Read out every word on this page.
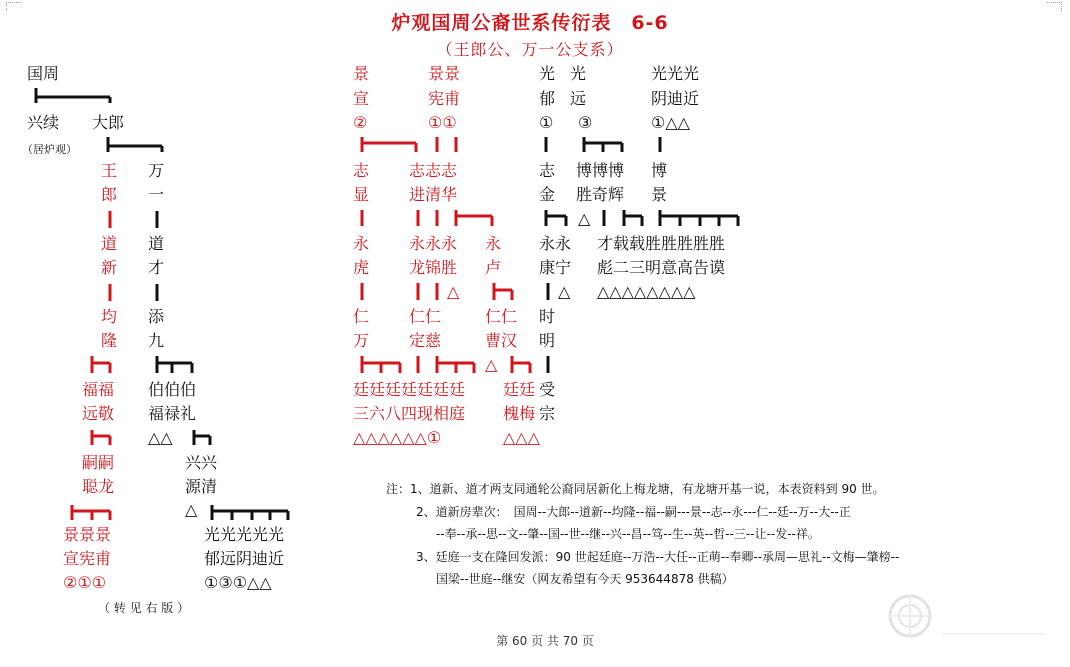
炉观国周公裔世系传衍表　6-6
（王郎公、万一公支系）
国周
兴续 大郎
（居炉观）
王
郎
万
一
道
新
道
才
均
隆
添
九
福福
远敬
伯伯伯
福禄礼
△△
嗣嗣
聪龙
兴兴
源清
△
景景景
宣宪甫
②①①
光光光光光
郁远阴迪近
①③①△△
（ 转 见 右 版 ）
景
宣
②
景景
宪甫
①①
志
显
志志志
进清华
永
虎
永永永
龙锦胜
△
永
卢
仁
万
仁仁
定慈
仁仁
曹汉
廷廷廷廷廷廷廷
三六八四现相庭
△△△△△△①
△
廷廷
槐梅
△△△
光
郁
①
光
远
③
光光光
阴迪近
①△△
志
金
博博博
胜奇辉
博
景
永永
康宁
△
才载载胜胜胜胜胜
彪二三明意高告谟
△△△△△△△△
△
时
明
受
宗
注：1、道新、道才两支同通轮公裔同居新化上梅龙塘，有龙塘开基一说，本表资料到 90 世。
2、道新房辈次：　国周--大郎--道新--均隆--福--嗣---景--志--永---仁--廷--万--大--正
--奉--承--思--文--肇--国--世--继--兴--昌--笃--生--英--哲--三--让--发--祥。
3、廷庭一支在隆回发派：90 世起廷庭--万浩--大任--正萌--奉卿--承周—思礼--文梅—肇榜--
国梁--世庭--继安（网友希望有今天 953644878 供稿）
第 60 页 共 70 页
